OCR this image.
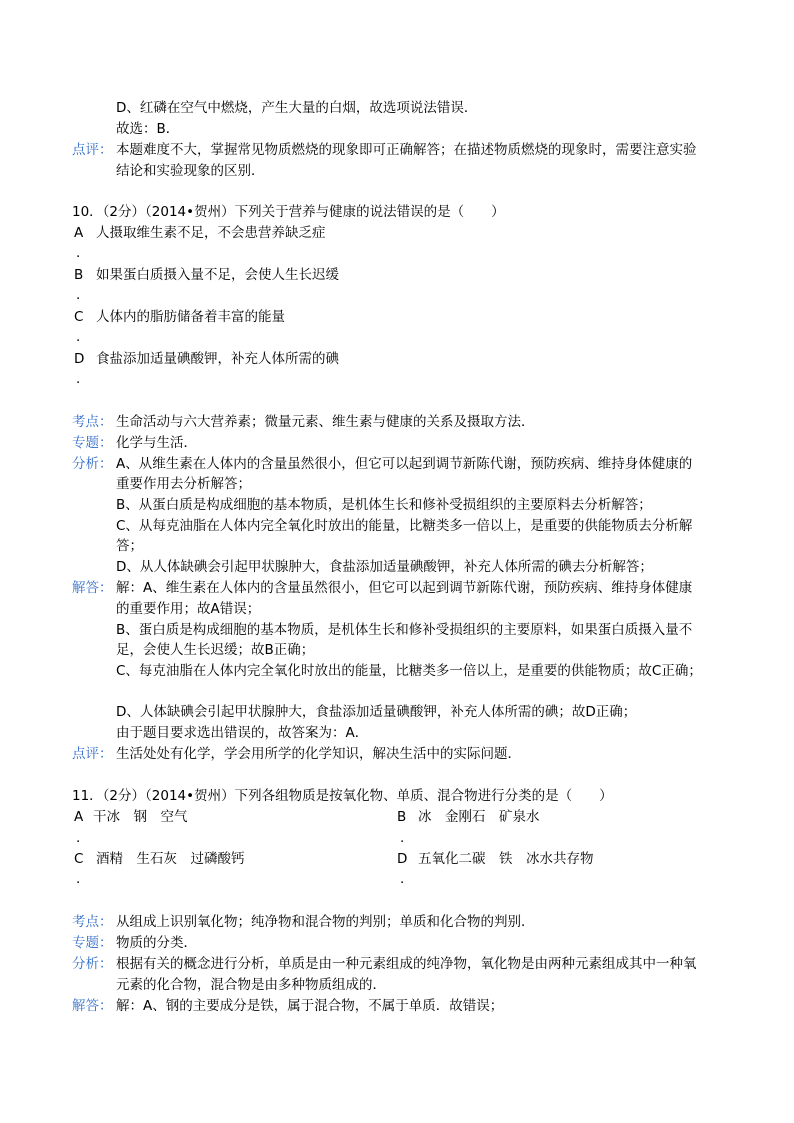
D、红磷在空气中燃烧，产生大量的白烟，故选项说法错误．
故选：B．
点评： 本题难度不大，掌握常见物质燃烧的现象即可正确解答；在描述物质燃烧的现象时，需要注意实验
结论和实验现象的区别．
10．（2分）（2014•贺州）下列关于营养与健康的说法错误的是（　　）
A 人摄取维生素不足，不会患营养缺乏症
.
B 如果蛋白质摄入量不足，会使人生长迟缓
.
C 人体内的脂肪储备着丰富的能量
.
D 食盐添加适量碘酸钾，补充人体所需的碘
.
考点： 生命活动与六大营养素；微量元素、维生素与健康的关系及摄取方法．
专题： 化学与生活．
分析： A、从维生素在人体内的含量虽然很小，但它可以起到调节新陈代谢，预防疾病、维持身体健康的
重要作用去分析解答；
B、从蛋白质是构成细胞的基本物质，是机体生长和修补受损组织的主要原料去分析解答；
C、从每克油脂在人体内完全氧化时放出的能量，比糖类多一倍以上，是重要的供能物质去分析解
答；
D、从人体缺碘会引起甲状腺肿大，食盐添加适量碘酸钾，补充人体所需的碘去分析解答；
解答： 解：A、维生素在人体内的含量虽然很小，但它可以起到调节新陈代谢，预防疾病、维持身体健康
的重要作用；故A错误；
B、蛋白质是构成细胞的基本物质，是机体生长和修补受损组织的主要原料，如果蛋白质摄入量不
足，会使人生长迟缓；故B正确；
C、每克油脂在人体内完全氧化时放出的能量，比糖类多一倍以上，是重要的供能物质；故C正确；
D、人体缺碘会引起甲状腺肿大，食盐添加适量碘酸钾，补充人体所需的碘；故D正确；
由于题目要求选出错误的，故答案为：A．
点评： 生活处处有化学，学会用所学的化学知识，解决生活中的实际问题．
11．（2分）（2014•贺州）下列各组物质是按氧化物、单质、混合物进行分类的是（　　）
A 干冰　钢　空气
.
B 冰　金刚石　矿泉水
.
C 酒精　生石灰　过磷酸钙
.
D 五氧化二碳　铁　冰水共存物
.
考点： 从组成上识别氧化物；纯净物和混合物的判别；单质和化合物的判别．
专题： 物质的分类．
分析： 根据有关的概念进行分析，单质是由一种元素组成的纯净物，氧化物是由两种元素组成其中一种氧
元素的化合物，混合物是由多种物质组成的．
解答： 解：A、钢的主要成分是铁，属于混合物，不属于单质．故错误；
